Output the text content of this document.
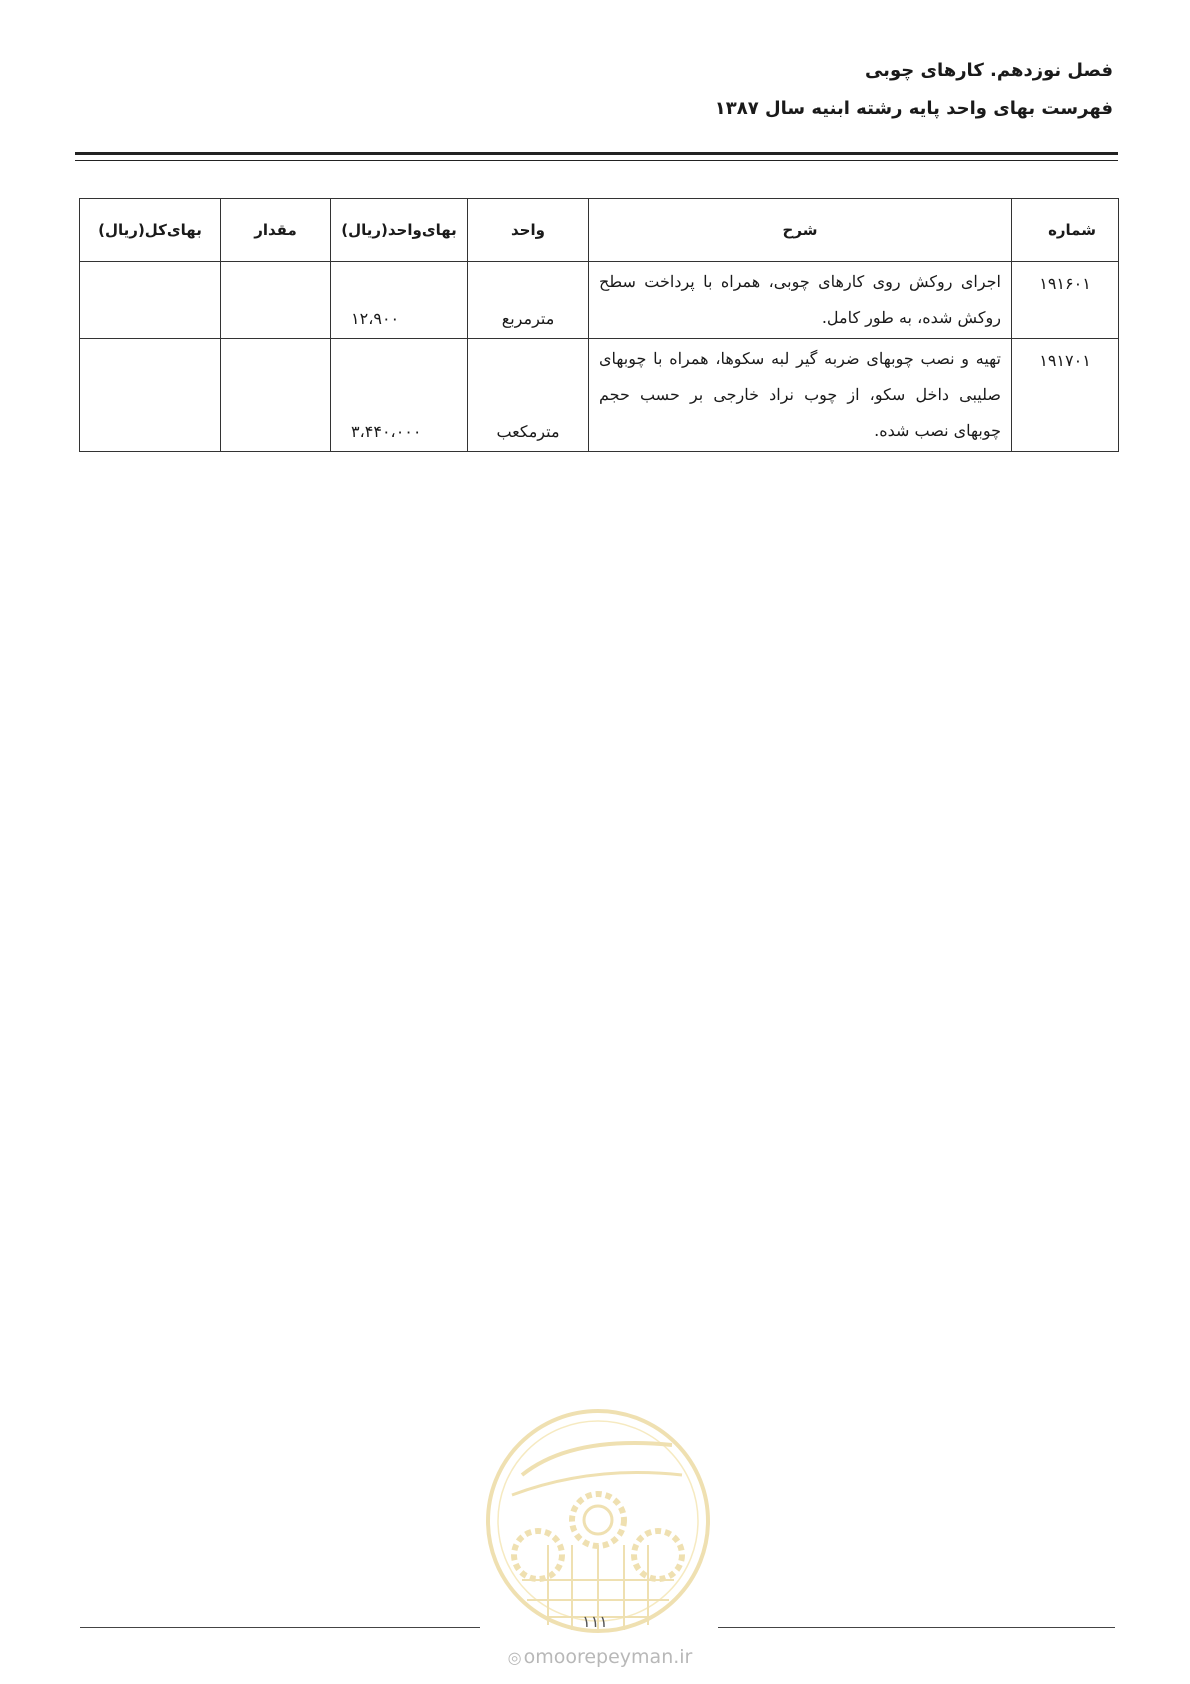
فصل نوزدهم. کارهای چوبی

فهرست بهای واحد پایه رشته ابنیه سال ۱۳۸۷

شماره	شرح	واحد	بهای‌واحد(ریال)	مقدار	بهای‌کل(ریال)
۱۹۱۶۰۱	اجرای روکش روی کارهای چوبی، همراه با پرداخت سطح روکش شده، به طور کامل.	مترمربع	۱۲،۹۰۰		
۱۹۱۷۰۱	تهیه و نصب چوبهای ضربه گیر لبه سکوها، همراه با چوبهای صلیبی داخل سکو، از چوب نراد خارجی بر حسب حجم چوبهای نصب شده.	مترمکعب	۳،۴۴۰،۰۰۰		
۱۱۱
◎ omoorepeyman.ir
